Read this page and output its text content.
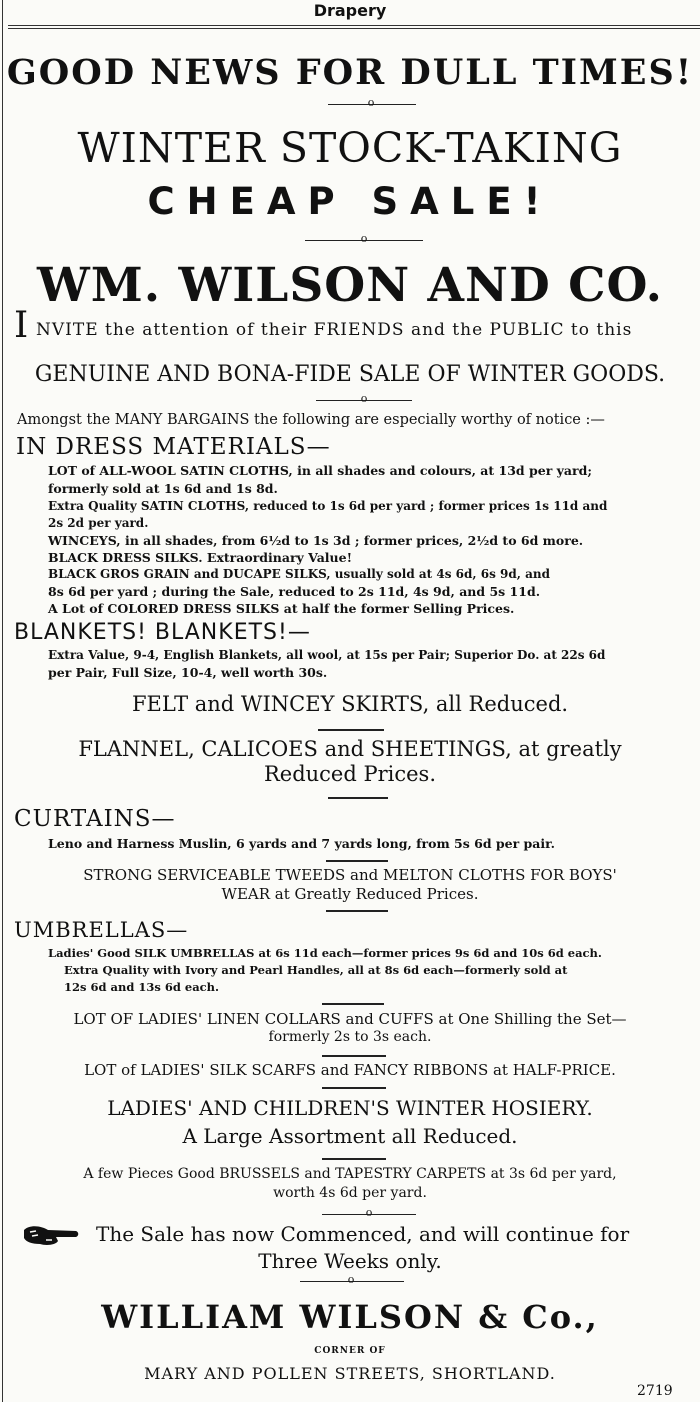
Drapery
GOOD NEWS FOR DULL TIMES!
o
WINTER STOCK-TAKING
CHEAP SALE!
o
WM. WILSON AND CO.
I NVITE the attention of their FRIENDS and the PUBLIC to this
GENUINE AND BONA-FIDE SALE OF WINTER GOODS.
o
Amongst the MANY BARGAINS the following are especially worthy of notice :—
IN DRESS MATERIALS—
LOT of ALL-WOOL SATIN CLOTHS, in all shades and colours, at 13d per yard;
formerly sold at 1s 6d and 1s 8d.
Extra Quality SATIN CLOTHS, reduced to 1s 6d per yard ; former prices 1s 11d and
2s 2d per yard.
WINCEYS, in all shades, from 6½d to 1s 3d ; former prices, 2½d to 6d more.
BLACK DRESS SILKS. Extraordinary Value!
BLACK GROS GRAIN and DUCAPE SILKS, usually sold at 4s 6d, 6s 9d, and
8s 6d per yard ; during the Sale, reduced to 2s 11d, 4s 9d, and 5s 11d.
A Lot of COLORED DRESS SILKS at half the former Selling Prices.
BLANKETS! BLANKETS!—
Extra Value, 9-4, English Blankets, all wool, at 15s per Pair; Superior Do. at 22s 6d
per Pair, Full Size, 10-4, well worth 30s.
FELT and WINCEY SKIRTS, all Reduced.
FLANNEL, CALICOES and SHEETINGS, at greatly
Reduced Prices.
CURTAINS—
Leno and Harness Muslin, 6 yards and 7 yards long, from 5s 6d per pair.
STRONG SERVICEABLE TWEEDS and MELTON CLOTHS FOR BOYS'
WEAR at Greatly Reduced Prices.
UMBRELLAS—
Ladies' Good SILK UMBRELLAS at 6s 11d each—former prices 9s 6d and 10s 6d each.
Extra Quality with Ivory and Pearl Handles, all at 8s 6d each—formerly sold at
12s 6d and 13s 6d each.
LOT OF LADIES' LINEN COLLARS and CUFFS at One Shilling the Set—
formerly 2s to 3s each.
LOT of LADIES' SILK SCARFS and FANCY RIBBONS at HALF-PRICE.
LADIES' AND CHILDREN'S WINTER HOSIERY.
A Large Assortment all Reduced.
A few Pieces Good BRUSSELS and TAPESTRY CARPETS at 3s 6d per yard,
worth 4s 6d per yard.
o
The Sale has now Commenced, and will continue for
Three Weeks only.
o
WILLIAM WILSON & Co.,
CORNER OF
MARY AND POLLEN STREETS, SHORTLAND.
2719
